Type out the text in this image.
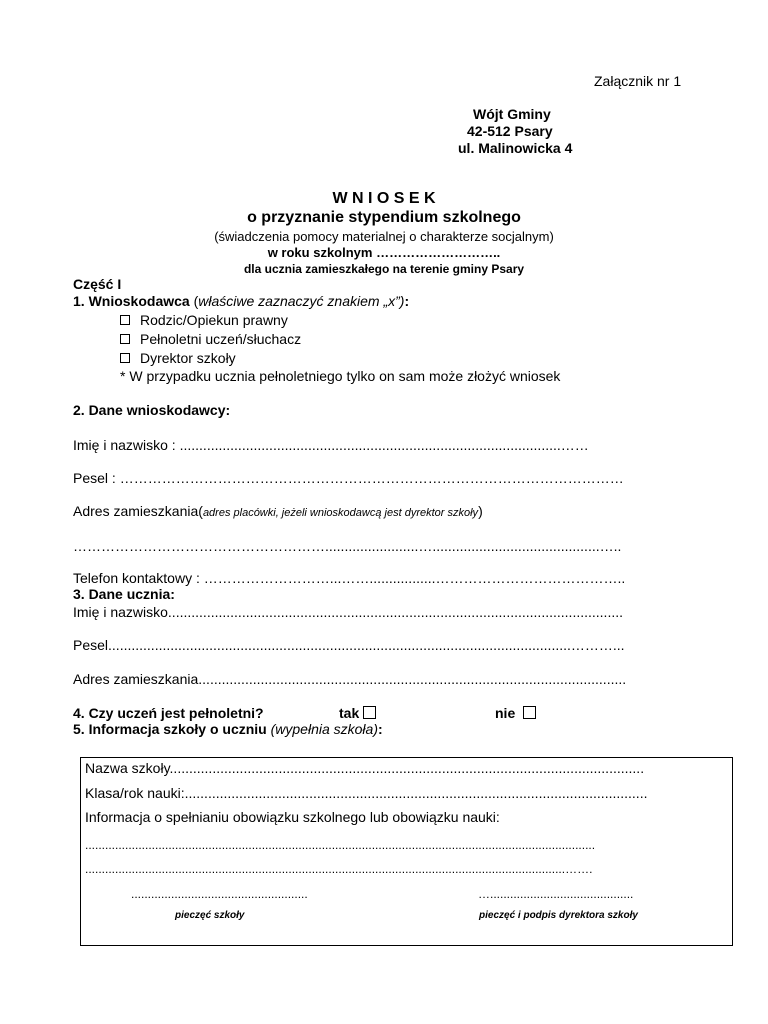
Załącznik nr 1
Wójt Gminy
42-512 Psary
ul. Malinowicka 4
W N I O S E K
o przyznanie stypendium szkolnego
(świadczenia pomocy materialnej o charakterze socjalnym)
w roku szkolnym ………………………..
dla ucznia zamieszkałego na terenie gminy Psary
Część I
1. Wnioskodawca (właściwe zaznaczyć znakiem „x”):
Rodzic/Opiekun prawny
Pełnoletni uczeń/słuchacz
Dyrektor szkoły
* W przypadku ucznia pełnoletniego tylko on sam może złożyć wniosek
2. Dane wnioskodawcy:
Imię i nazwisko : ..................................................................................................……
Pesel : ………………………………………………………………………………………………
Adres zamieszkania(adres placówki, jeżeli wnioskodawcą jest dyrektor szkoły)
………………………………………………........................…...........................................…..
Telefon kontaktowy : ………………………...…….................…………………………………..
3. Dane ucznia:
Imię i nazwisko.....................................................................................................................
Pesel.......................................................................................................................………...
Adres zamieszkania..............................................................................................................
4. Czy uczeń jest pełnoletni?	tak	nie
5. Informacja szkoły o uczniu (wypełnia szkoła):
Nazwa szkoły..........................................................................................................................
Klasa/rok nauki:.......................................................................................................................
Informacja o spełnianiu obowiązku szkolnego lub obowiązku nauki:
.........................................................................................................................................................
................................................................................................................................................…….
.....................................................	…...........................................
pieczęć szkoły	pieczęć i podpis dyrektora szkoły
